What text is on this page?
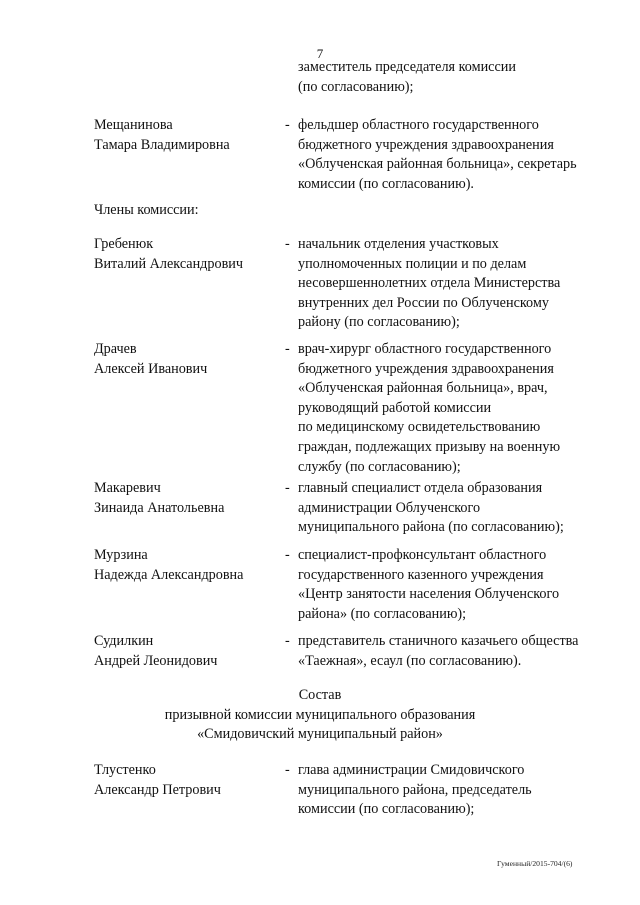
7
заместитель председателя комиссии
(по согласованию);
Мещанинова
Тамара Владимировна
- фельдшер областного государственного
бюджетного учреждения здравоохранения
«Облученская районная больница», секретарь
комиссии (по согласованию).
Члены комиссии:
Гребенюк
Виталий Александрович
- начальник отделения участковых
уполномоченных полиции и по делам
несовершеннолетних отдела Министерства
внутренних дел России по Облученскому
району (по согласованию);
Драчев
Алексей Иванович
- врач-хирург областного государственного
бюджетного учреждения здравоохранения
«Облученская районная больница», врач,
руководящий работой комиссии
по медицинскому освидетельствованию
граждан, подлежащих призыву на военную
службу (по согласованию);
Макаревич
Зинаида Анатольевна
- главный специалист отдела образования
администрации Облученского
муниципального района (по согласованию);
Мурзина
Надежда Александровна
- специалист-профконсультант областного
государственного казенного учреждения
«Центр занятости населения Облученского
района» (по согласованию);
Судилкин
Андрей Леонидович
- представитель станичного казачьего общества
«Таежная», есаул (по согласованию).
Состав
призывной комиссии муниципального образования
«Смидовичский муниципальный район»
Тлустенко
Александр Петрович
- глава администрации Смидовичского
муниципального района, председатель
комиссии (по согласованию);
Гуменный/2015-704/(6)
